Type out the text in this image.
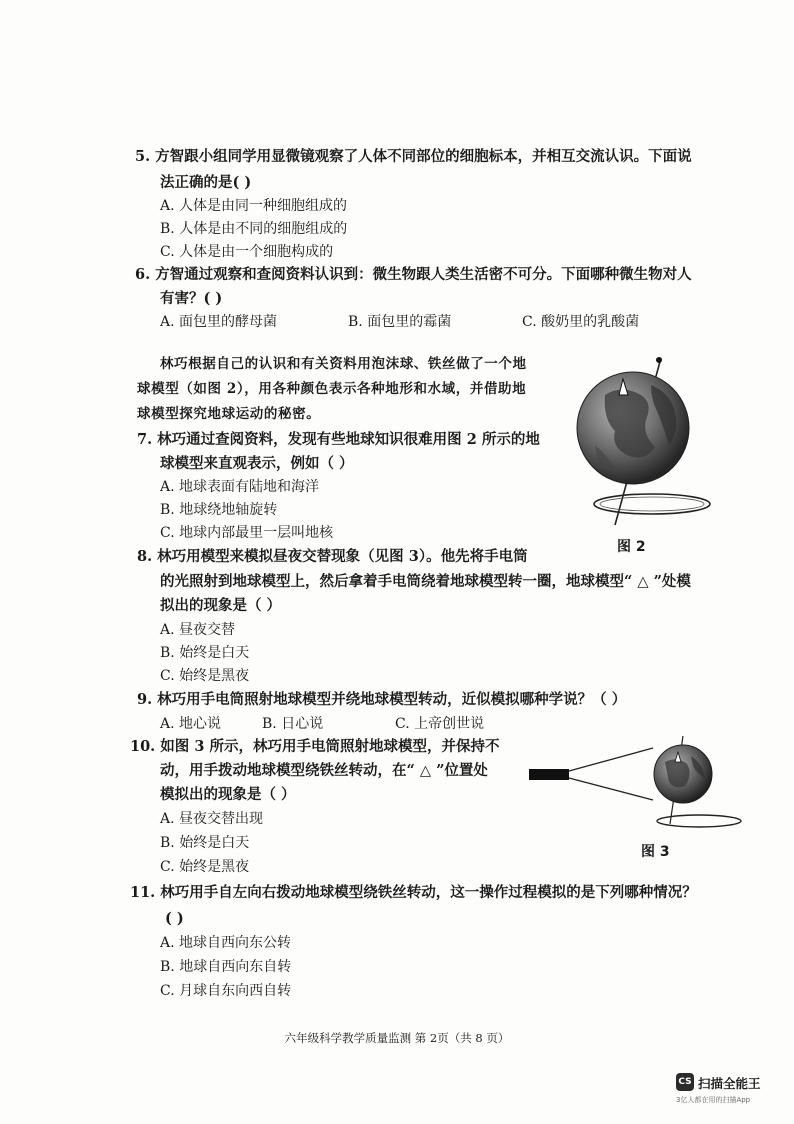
5. 方智跟小组同学用显微镜观察了人体不同部位的细胞标本，并相互交流认识。下面说
法正确的是( )
A. 人体是由同一种细胞组成的
B. 人体是由不同的细胞组成的
C. 人体是由一个细胞构成的
6. 方智通过观察和查阅资料认识到：微生物跟人类生活密不可分。下面哪种微生物对人
有害？( )
A. 面包里的酵母菌	B. 面包里的霉菌	C. 酸奶里的乳酸菌
林巧根据自己的认识和有关资料用泡沫球、铁丝做了一个地
球模型（如图 2），用各种颜色表示各种地形和水域，并借助地
球模型探究地球运动的秘密。
图 2
7. 林巧通过查阅资料，发现有些地球知识很难用图 2 所示的地
球模型来直观表示，例如（ ）
A. 地球表面有陆地和海洋
B. 地球绕地轴旋转
C. 地球内部最里一层叫地核
8. 林巧用模型来模拟昼夜交替现象（见图 3）。他先将手电筒
的光照射到地球模型上，然后拿着手电筒绕着地球模型转一圈，地球模型“ △ ”处模
拟出的现象是（ ）
A. 昼夜交替
B. 始终是白天
C. 始终是黑夜
9. 林巧用手电筒照射地球模型并绕地球模型转动，近似模拟哪种学说？（ ）
A. 地心说	B. 日心说	C. 上帝创世说
10. 如图 3 所示，林巧用手电筒照射地球模型，并保持不
动，用手拨动地球模型绕铁丝转动，在“ △ ”位置处
模拟出的现象是（ ）
A. 昼夜交替出现
B. 始终是白天
C. 始终是黑夜
图 3
11. 林巧用手自左向右拨动地球模型绕铁丝转动，这一操作过程模拟的是下列哪种情况？
( )
A. 地球自西向东公转
B. 地球自西向东自转
C. 月球自东向西自转
六年级科学教学质量监测 第 2页（共 8 页）
CS 扫描全能王
3亿人都在用的扫描App
